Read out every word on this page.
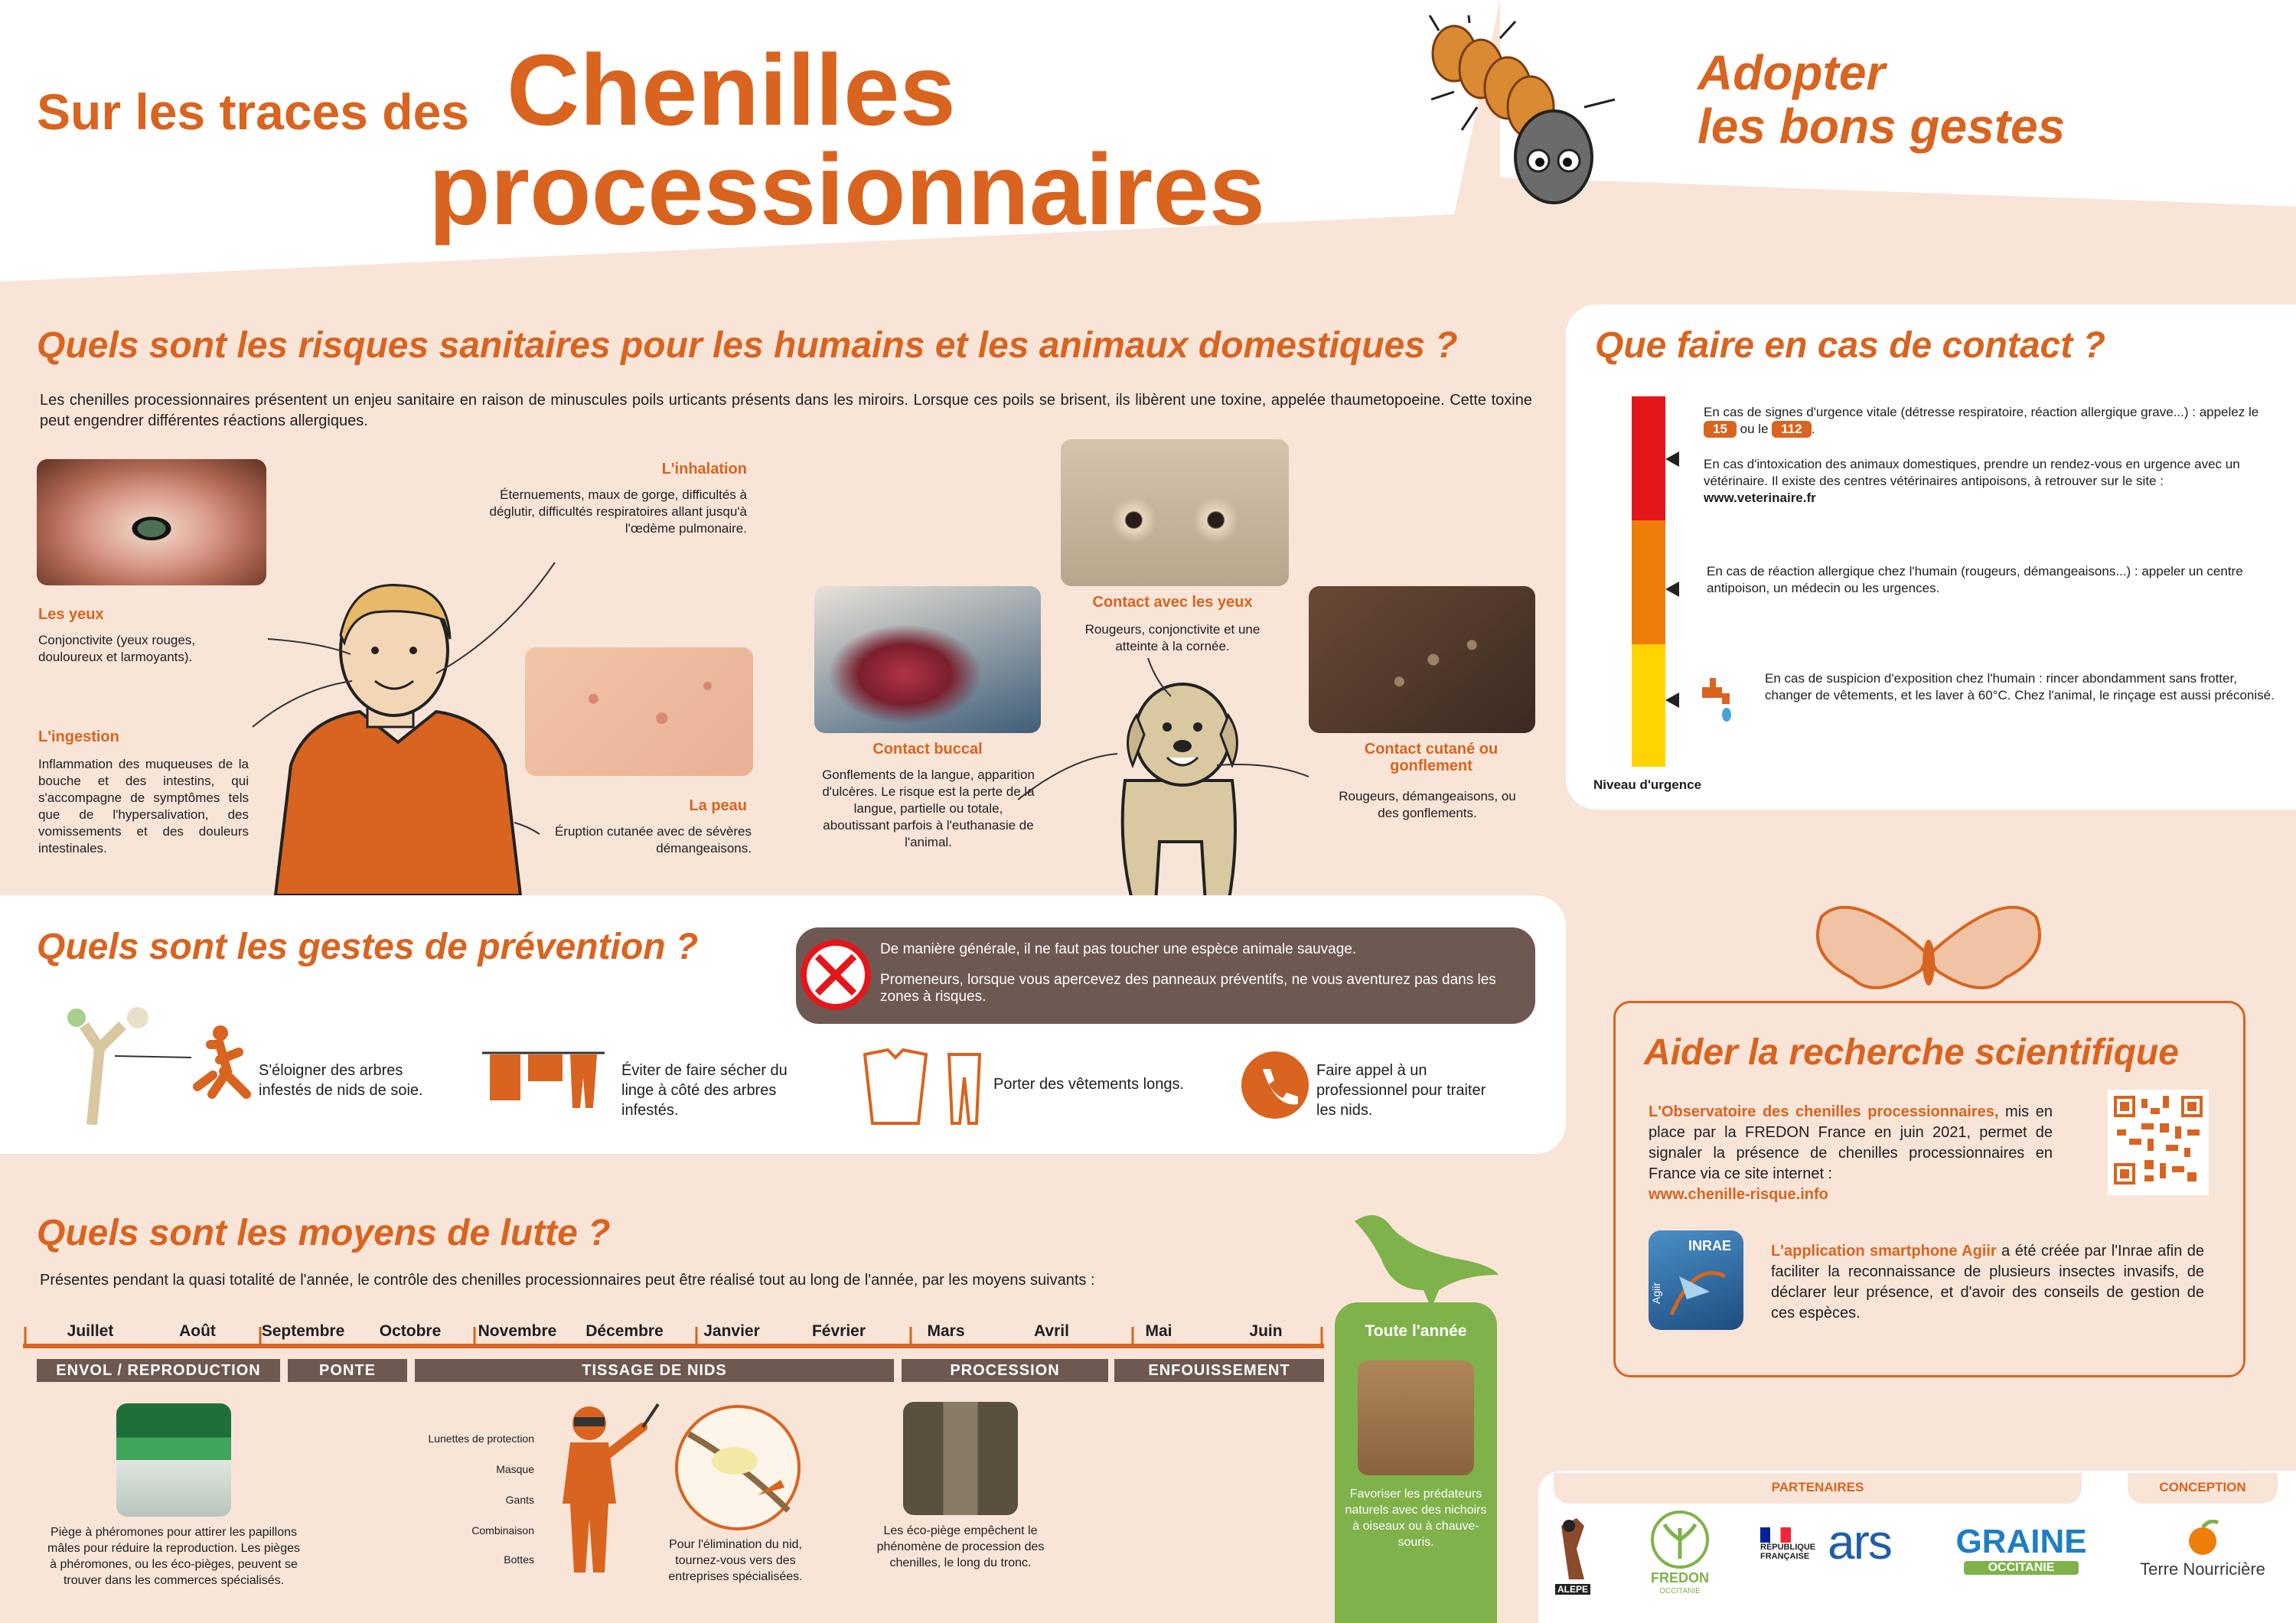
Sur les traces des Chenilles
processionnaires
Adopter
les bons gestes
Quels sont les risques sanitaires pour les humains et les animaux domestiques ?
Les chenilles processionnaires présentent un enjeu sanitaire en raison de minuscules poils urticants présents dans les miroirs. Lorsque ces poils se brisent, ils libèrent une toxine, appelée thaumetopoeine. Cette toxine peut engendrer différentes réactions allergiques.
Les yeux
Conjonctivite (yeux rouges, douloureux et larmoyants).
L'ingestion
Inflammation des muqueuses de la bouche et des intestins, qui s'accompagne de symptômes tels que de l'hypersalivation, des vomissements et des douleurs intestinales.
L'inhalation
Éternuements, maux de gorge, difficultés à déglutir, difficultés respiratoires allant jusqu'à l'œdème pulmonaire.
La peau
Éruption cutanée avec de sévères démangeaisons.
Contact avec les yeux
Rougeurs, conjonctivite et une atteinte à la cornée.
Contact buccal
Gonflements de la langue, apparition d'ulcères. Le risque est la perte de la langue, partielle ou totale, aboutissant parfois à l'euthanasie de l'animal.
Contact cutané ou gonflement
Rougeurs, démangeaisons, ou des gonflements.
Que faire en cas de contact ?
Niveau d'urgence
En cas de signes d'urgence vitale (détresse respiratoire, réaction allergique grave...) : appelez le 15 ou le 112 .
En cas d'intoxication des animaux domestiques, prendre un rendez-vous en urgence avec un vétérinaire. Il existe des centres vétérinaires antipoisons, à retrouver sur le site : www.veterinaire.fr
En cas de réaction allergique chez l'humain (rougeurs, démangeaisons...) : appeler un centre antipoison, un médecin ou les urgences.
En cas de suspicion d'exposition chez l'humain : rincer abondamment sans frotter, changer de vêtements, et les laver à 60°C. Chez l'animal, le rinçage est aussi préconisé.
Quels sont les gestes de prévention ?	De manière générale, il ne faut pas toucher une espèce animale sauvage.
Promeneurs, lorsque vous apercevez des panneaux préventifs, ne vous aventurez pas dans les zones à risques.
S'éloigner des arbres infestés de nids de soie.
Éviter de faire sécher du linge à côté des arbres infestés.
Porter des vêtements longs.
Faire appel à un professionnel pour traiter les nids.
Aider la recherche scientifique
L'Observatoire des chenilles processionnaires, mis en place par la FREDON France en juin 2021, permet de signaler la présence de chenilles processionnaires en France via ce site internet :
www.chenille-risque.info
INRAE
Agiir
L'application smartphone Agiir a été créée par l'Inrae afin de faciliter la reconnaissance de plusieurs insectes invasifs, de déclarer leur présence, et d'avoir des conseils de gestion de ces espèces.
Quels sont les moyens de lutte ?
Présentes pendant la quasi totalité de l'année, le contrôle des chenilles processionnaires peut être réalisé tout au long de l'année, par les moyens suivants :
Juillet	Août	Septembre	Octobre	Novembre	Décembre	Janvier	Février	Mars	Avril	Mai	Juin
ENVOL / REPRODUCTION	PONTE	TISSAGE DE NIDS	PROCESSION	ENFOUISSEMENT
Piège à phéromones pour attirer les papillons mâles pour réduire la reproduction. Les pièges à phéromones, ou les éco-pièges, peuvent se trouver dans les commerces spécialisés.
Lunettes de protection
Masque
Gants
Combinaison
Bottes
Pour l'élimination du nid, tournez-vous vers des entreprises spécialisées.
Les éco-piège empêchent le phénomène de procession des chenilles, le long du tronc.
Toute l'année
Favoriser les prédateurs naturels avec des nichoirs à oiseaux ou à chauve-souris.
PARTENAIRES	CONCEPTION
ALEPE
FREDON
OCCITANIE
RÉPUBLIQUE
FRANÇAISE ars GRAINE
OCCITANIE	Terre Nourricière
